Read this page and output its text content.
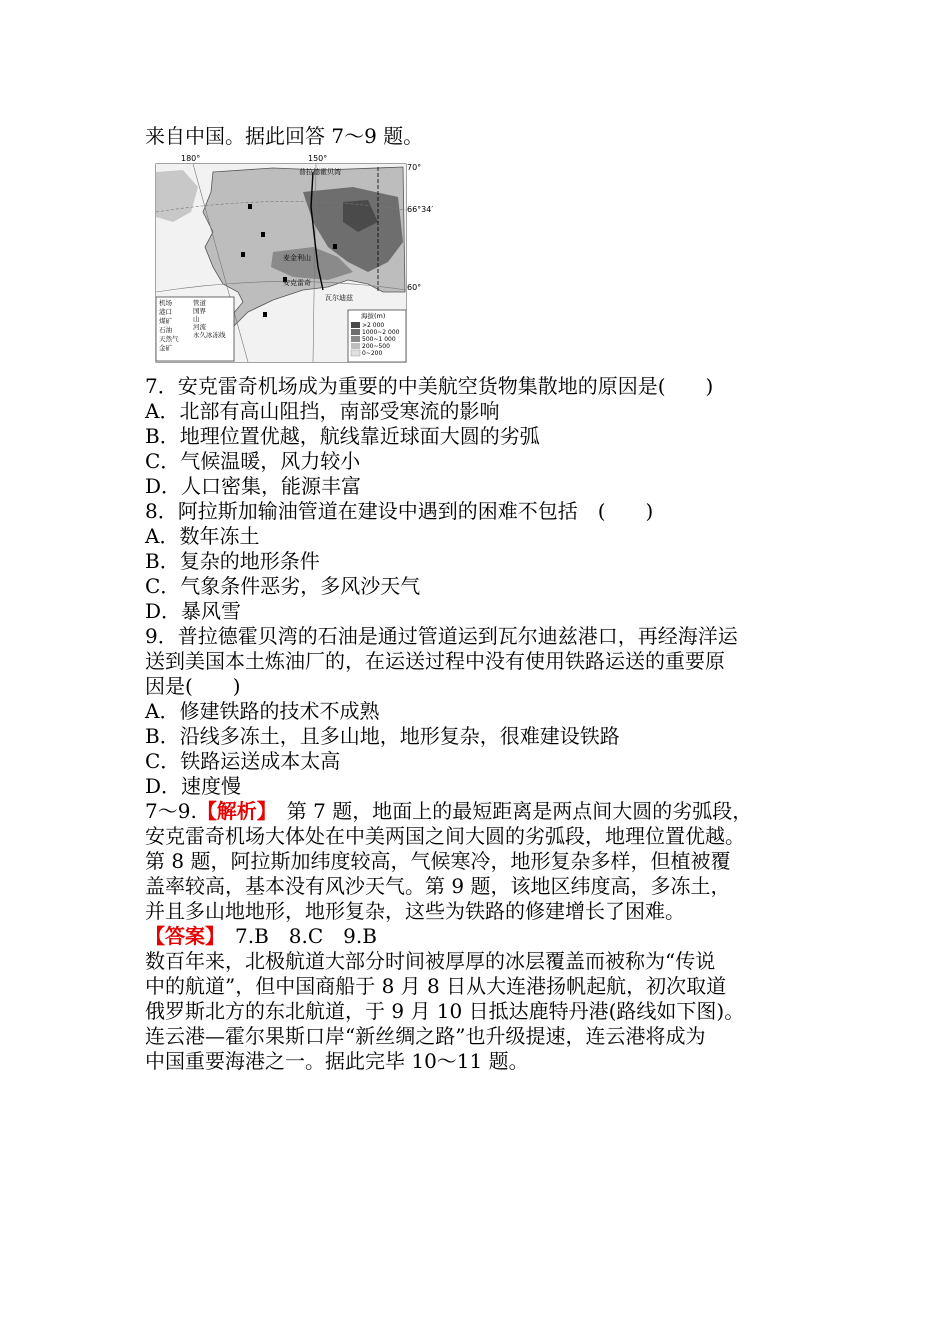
来自中国。据此回答 7～9 题。
180°	150°
70°
66°34′
60°
普拉德霍贝湾
麦金利山
安克雷奇
瓦尔迪兹
机场
港口
煤矿
石油
天然气
金矿
管道
国界
山
河流
永久冰冻线
海拔(m)
>2 000
1000~2 000
500~1 000
200~500
0~200
7．安克雷奇机场成为重要的中美航空货物集散地的原因是(　　)
A．北部有高山阻挡，南部受寒流的影响
B．地理位置优越，航线靠近球面大圆的劣弧
C．气候温暖，风力较小
D．人口密集，能源丰富
8．阿拉斯加输油管道在建设中遇到的困难不包括　(　　)
A．数年冻土
B．复杂的地形条件
C．气象条件恶劣，多风沙天气
D．暴风雪
9．普拉德霍贝湾的石油是通过管道运到瓦尔迪兹港口，再经海洋运
送到美国本土炼油厂的，在运送过程中没有使用铁路运送的重要原
因是(　　)
A．修建铁路的技术不成熟
B．沿线多冻土，且多山地，地形复杂，很难建设铁路
C．铁路运送成本太高
D．速度慢
7～9.【解析】　第 7 题，地面上的最短距离是两点间大圆的劣弧段，
安克雷奇机场大体处在中美两国之间大圆的劣弧段，地理位置优越。
第 8 题，阿拉斯加纬度较高，气候寒冷，地形复杂多样，但植被覆
盖率较高，基本没有风沙天气。第 9 题，该地区纬度高，多冻土，
并且多山地地形，地形复杂，这些为铁路的修建增长了困难。
【答案】　7.B　8.C　9.B
数百年来，北极航道大部分时间被厚厚的冰层覆盖而被称为“传说
中的航道”，但中国商船于 8 月 8 日从大连港扬帆起航，初次取道
俄罗斯北方的东北航道，于 9 月 10 日抵达鹿特丹港(路线如下图)。
连云港—霍尔果斯口岸“新丝绸之路”也升级提速，连云港将成为
中国重要海港之一。据此完毕 10～11 题。
